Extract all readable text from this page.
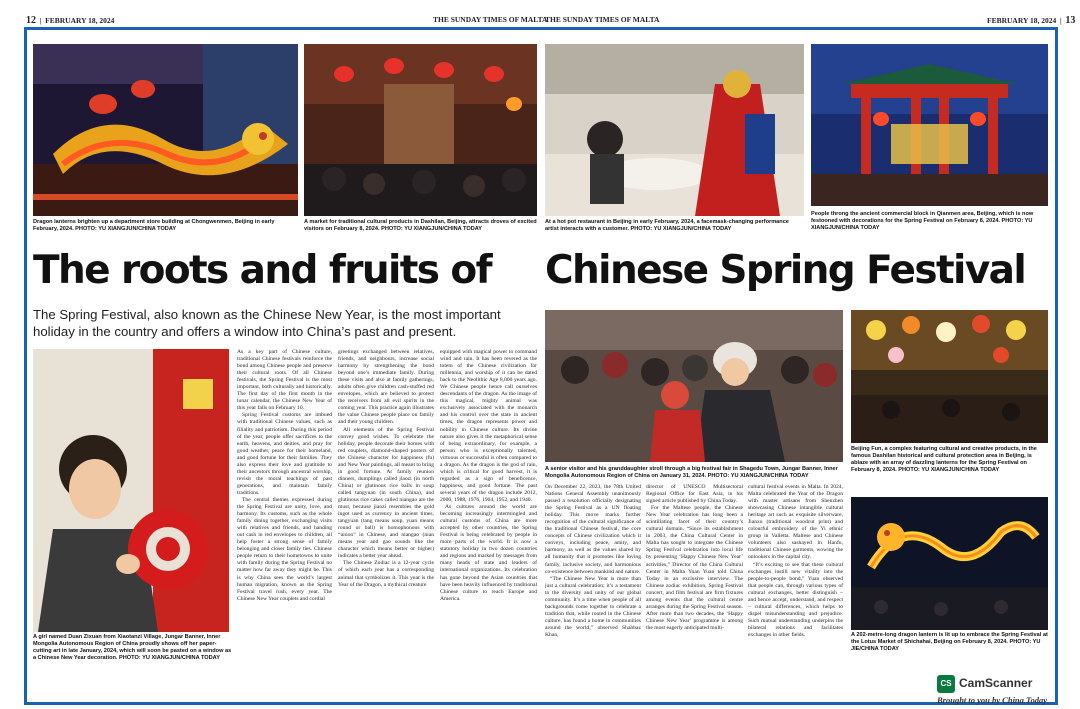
12  |  FEBRUARY 18, 2024	THE SUNDAY TIMES OF MALTA
THE SUNDAY TIMES OF MALTA	FEBRUARY 18, 2024  |  13
Dragon lanterns brighten up a department store building at Chongwenmen, Beijing in early February, 2024. PHOTO: YU XIANGJUN/CHINA TODAY
A market for traditional cultural products in Dashilan, Beijing, attracts droves of excited visitors on February 8, 2024. PHOTO: YU XIANGJUN/CHINA TODAY
At a hot pot restaurant in Beijing in early February, 2024, a facemask-changing performance artist interacts with a customer. PHOTO: YU XIANGJUN/CHINA TODAY
People throng the ancient commercial block in Qianmen area, Beijing, which is now festooned with decorations for the Spring Festival on February 8, 2024. PHOTO: YU XIANGJUN/CHINA TODAY
The roots and fruits of Chinese Spring Festival
The Spring Festival, also known as the Chinese New Year, is the most important holiday in the country and offers a window into China’s past and present.
A girl named Duan Zixuan from Xiaotanzi Village, Jungar Banner, Inner Mongolia Autonomous Region of China proudly shows off her paper-cutting art in late January, 2024, which will soon be pasted on a window as a Chinese New Year decoration. PHOTO: YU XIANGJUN/CHINA TODAY

As a key part of Chinese culture, traditional Chinese festivals reinforce the bond among Chinese people and preserve their cultural roots. Of all Chinese festivals, the Spring Festival is the most important, both culturally and historically. The first day of the first month in the lunar calendar, the Chinese New Year of this year falls on February 10.

Spring Festival customs are imbued with traditional Chinese values, such as filiality and patriotism. During this period of the year, people offer sacrifices to the earth, heavens, and deities, and pray for good weather, peace for their homeland, and good fortune for their families. They also express their love and gratitude to their ancestors through ancestral worship, revisit the moral teachings of past generations, and maintain family traditions.

The central themes expressed during the Spring Festival are unity, love, and harmony. Its customs, such as the whole family dining together, exchanging visits with relatives and friends, and handing out cash in red envelopes to children, all help foster a strong sense of family belonging and closer family ties. Chinese people return to their hometowns to unite with family during the Spring Festival no matter how far away they might be. This is why China sees the world’s largest human migration, known as the Spring Festival travel rush, every year. The Chinese New Year couplets and cordial

greetings exchanged between relatives, friends, and neighbours, increase social harmony by strengthening the bond beyond one’s immediate family. During these visits and also at family gatherings, adults often give children cash-stuffed red envelopes, which are believed to protect the receivers from all evil spirits in the coming year. This practice again illustrates the value Chinese people place on family and their young children.

All elements of the Spring Festival convey good wishes. To celebrate the holiday, people decorate their homes with red couplets, diamond-shaped posters of the Chinese character for happiness (fu) and New Year paintings, all meant to bring in good fortune. At family reunion dinners, dumplings called jiaozi (in north China) or glutinous rice balls in soup called tangyuan (in south China), and glutinous rice cakes called niangao are the must, because jiaozi resembles the gold ingot used as currency in ancient times, tangyuan (tang means soup, yuan means round or ball) is homophonous with “union” in Chinese, and niangao (nian means year and gao sounds like the character which means better or higher) indicates a better year ahead.

The Chinese Zodiac is a 12-year cycle of which each year has a corresponding animal that symbolizes it. This year is the Year of the Dragon, a mythical creature

equipped with magical power to command wind and rain. It has been revered as the totem of the Chinese civilization for millennia, and worship of it can be dated back to the Neolithic Age 8,000 years ago. We Chinese people hence call ourselves descendants of the dragon. As the image of this magical, mighty animal was exclusively associated with the monarch and his control over the state in ancient times, the dragon represents power and nobility in Chinese culture. Its divine nature also gives it the metaphorical sense of being extraordinary, for example, a person who is exceptionally talented, virtuous or successful is often compared to a dragon. As the dragon is the god of rain, which is critical for good harvest, it is regarded as a sign of beneficence, happiness, and good fortune. The past several years of the dragon include 2012, 2000, 1988, 1976, 1964, 1952, and 1940.

As cultures around the world are becoming increasingly intermingled and cultural customs of China are more accepted by other countries, the Spring Festival is being celebrated by people in more parts of the world. It is now a statutory holiday in two dozen countries and regions and marked by messages from many heads of state and leaders of international organizations. Its celebration has gone beyond the Asian countries that have been heavily influenced by traditional Chinese culture to reach Europe and America.

A senior visitor and his granddaughter stroll through a big festival fair in Shagedu Town, Jungar Banner, Inner Mongolia Autonomous Region of China on January 31, 2024. PHOTO: YU XIANGJUN/CHINA TODAY

On December 22, 2023, the 78th United Nations General Assembly unanimously passed a resolution officially designating the Spring Festival as a UN floating holiday. This move marks further recognition of the cultural significance of the traditional Chinese festival, the core concepts of Chinese civilization which it conveys, including peace, amity, and harmony, as well as the values shared by all humanity that it promotes like loving family, inclusive society, and harmonious co-existence between mankind and nature.

“The Chinese New Year is more than just a cultural celebration; it’s a testament to the diversity and unity of our global community. It’s a time when people of all backgrounds come together to celebrate a tradition that, while rooted in the Chinese culture, has found a home in communities around the world,” observed Shahbaz Khan,

director of UNESCO Multisectoral Regional Office for East Asia, in his signed article published by China Today.

For the Maltese people, the Chinese New Year celebration has long been a scintillating facet of their country’s cultural domain. “Since its establishment in 2003, the China Cultural Center in Malta has sought to integrate the Chinese Spring Festival celebration into local life by presenting ‘Happy Chinese New Year’ activities,” Director of the China Cultural Center in Malta Yuan Yuan told China Today in an exclusive interview. The Chinese zodiac exhibition, Spring Festival concert, and film festival are firm fixtures among events that the cultural centre arranges during the Spring Festival season. After more than two decades, the ‘Happy Chinese New Year’ programme is among the most eagerly anticipated multi-

cultural festival events in Malta. In 2024, Malta celebrated the Year of the Dragon with master artisans from Shenzhen showcasing Chinese intangible cultural heritage art such as exquisite silverware, Jianxu (traditional woodcut print) and colourful embroidery of the Yi ethnic group in Valletta. Maltese and Chinese volunteers also sashayed in Hanfu, traditional Chinese garments, wowing the onlookers in the capital city.

“It’s exciting to see that these cultural exchanges instill new vitality into the people-to-people bond,” Yuan observed that people can, through various types of cultural exchanges, better distinguish – and hence accept, understand, and respect – cultural differences, which helps to dispel misunderstanding and prejudice. Such mutual understanding underpins the bilateral relations and facilitates exchanges in other fields.

Beijing Fun, a complex featuring cultural and creative products, in the famous Dashilan historical and cultural protection area in Beijing, is ablaze with an array of dazzling lanterns for the Spring Festival on February 8, 2024. PHOTO: YU XIANGJUN/CHINA TODAY
A 202-metre-long dragon lantern is lit up to embrace the Spring Festival at the Lotus Market of Shichahai, Beijing on February 8, 2024. PHOTO: YU JIE/CHINA TODAY
CS CamScanner
Brought to you by China Today
